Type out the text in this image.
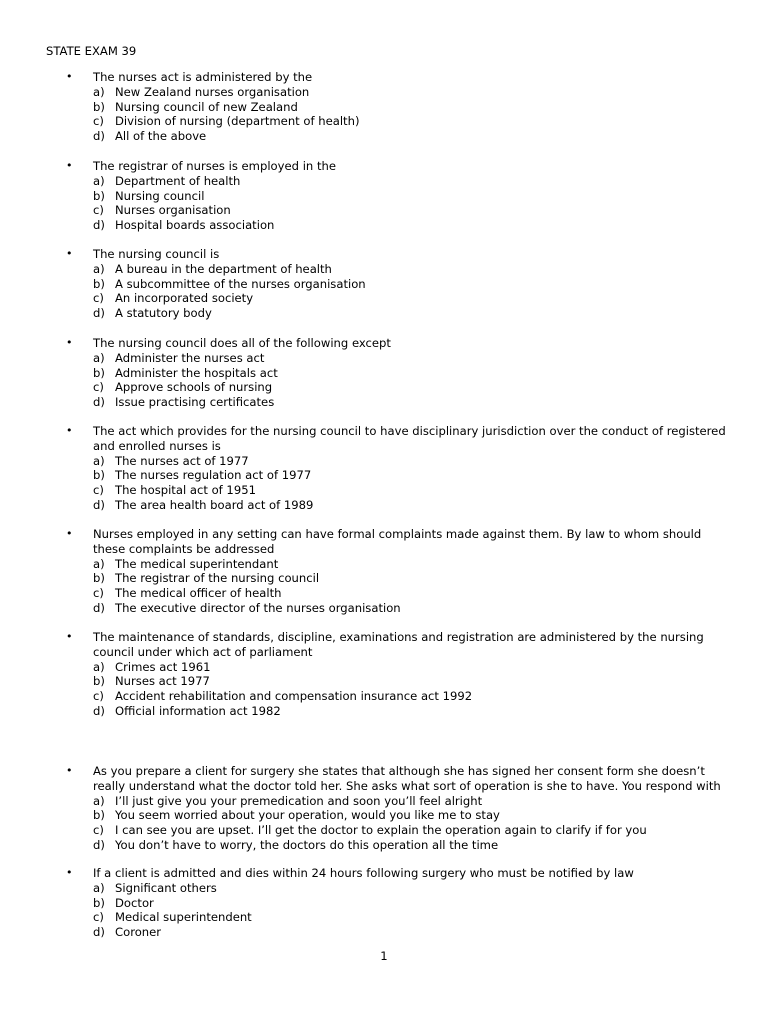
STATE EXAM 39
•	The nurses act is administered by the
a) New Zealand nurses organisation
b) Nursing council of new Zealand
c) Division of nursing (department of health)
d) All of the above
•	The registrar of nurses is employed in the
a) Department of health
b) Nursing council
c) Nurses organisation
d) Hospital boards association
•	The nursing council is
a) A bureau in the department of health
b) A subcommittee of the nurses organisation
c) An incorporated society
d) A statutory body
•	The nursing council does all of the following except
a) Administer the nurses act
b) Administer the hospitals act
c) Approve schools of nursing
d) Issue practising certificates
•	The act which provides for the nursing council to have disciplinary jurisdiction over the conduct of registered and enrolled nurses is
a) The nurses act of 1977
b) The nurses regulation act of 1977
c) The hospital act of 1951
d) The area health board act of 1989
•	Nurses employed in any setting can have formal complaints made against them. By law to whom should these complaints be addressed
a) The medical superintendant
b) The registrar of the nursing council
c) The medical officer of health
d) The executive director of the nurses organisation
•	The maintenance of standards, discipline, examinations and registration are administered by the nursing council under which act of parliament
a) Crimes act 1961
b) Nurses act 1977
c) Accident rehabilitation and compensation insurance act 1992
d) Official information act 1982
•	As you prepare a client for surgery she states that although she has signed her consent form she doesn’t really understand what the doctor told her. She asks what sort of operation is she to have. You respond with
a) I’ll just give you your premedication and soon you’ll feel alright
b) You seem worried about your operation, would you like me to stay
c) I can see you are upset. I’ll get the doctor to explain the operation again to clarify if for you
d) You don’t have to worry, the doctors do this operation all the time
•	If a client is admitted and dies within 24 hours following surgery who must be notified by law
a) Significant others
b) Doctor
c) Medical superintendent
d) Coroner
1
